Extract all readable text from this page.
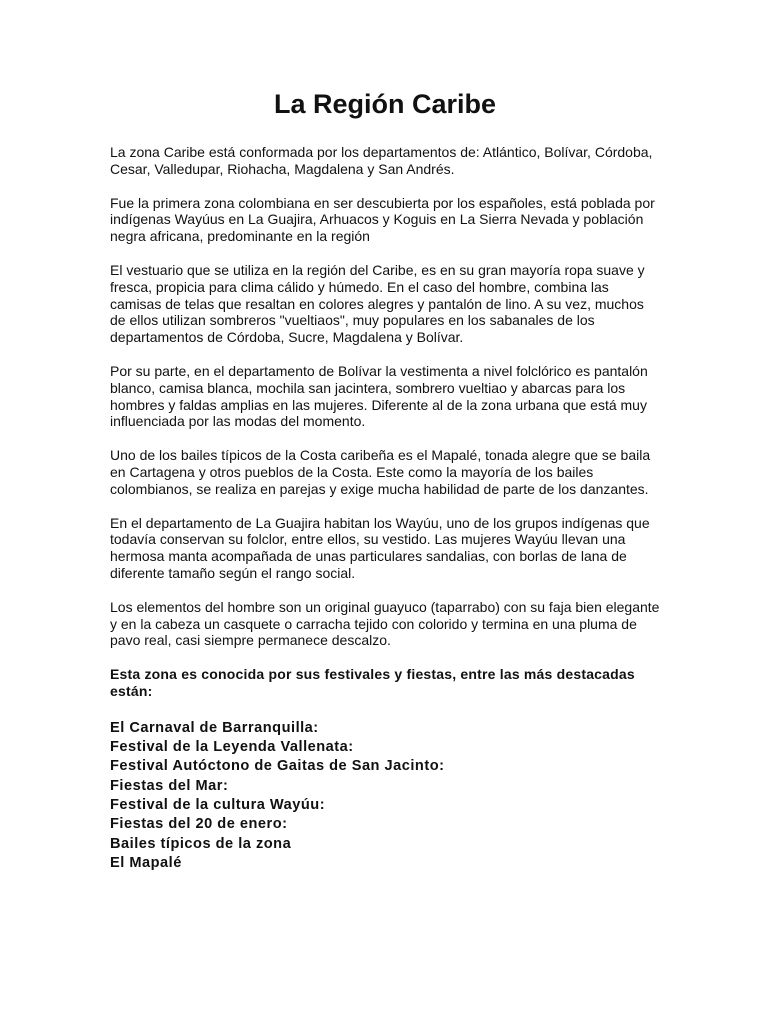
La Región Caribe

La zona Caribe está conformada por los departamentos de: Atlántico, Bolívar, Córdoba, Cesar, Valledupar, Riohacha, Magdalena y San Andrés.

Fue la primera zona colombiana en ser descubierta por los españoles, está poblada por indígenas Wayúus en La Guajira, Arhuacos y Koguis en La Sierra Nevada y población negra africana, predominante en la región

El vestuario que se utiliza en la región del Caribe, es en su gran mayoría ropa suave y fresca, propicia para clima cálido y húmedo. En el caso del hombre, combina las camisas de telas que resaltan en colores alegres y pantalón de lino. A su vez, muchos de ellos utilizan sombreros "vueltiaos", muy populares en los sabanales de los departamentos de Córdoba, Sucre, Magdalena y Bolívar.

Por su parte, en el departamento de Bolívar la vestimenta a nivel folclórico es pantalón blanco, camisa blanca, mochila san jacintera, sombrero vueltiao y abarcas para los hombres y faldas amplias en las mujeres. Diferente al de la zona urbana que está muy influenciada por las modas del momento.

Uno de los bailes típicos de la Costa caribeña es el Mapalé, tonada alegre que se baila en Cartagena y otros pueblos de la Costa. Este como la mayoría de los bailes colombianos, se realiza en parejas y exige mucha habilidad de parte de los danzantes.

En el departamento de La Guajira habitan los Wayúu, uno de los grupos indígenas que todavía conservan su folclor, entre ellos, su vestido. Las mujeres Wayúu llevan una hermosa manta acompañada de unas particulares sandalias, con borlas de lana de diferente tamaño según el rango social.

Los elementos del hombre son un original guayuco (taparrabo) con su faja bien elegante y en la cabeza un casquete o carracha tejido con colorido y termina en una pluma de pavo real, casi siempre permanece descalzo.

Esta zona es conocida por sus festivales y fiestas, entre las más destacadas están:

El Carnaval de Barranquilla:
Festival de la Leyenda Vallenata:
Festival Autóctono de Gaitas de San Jacinto:
Fiestas del Mar:
Festival de la cultura Wayúu:
Fiestas del 20 de enero:
Bailes típicos de la zona
El Mapalé
